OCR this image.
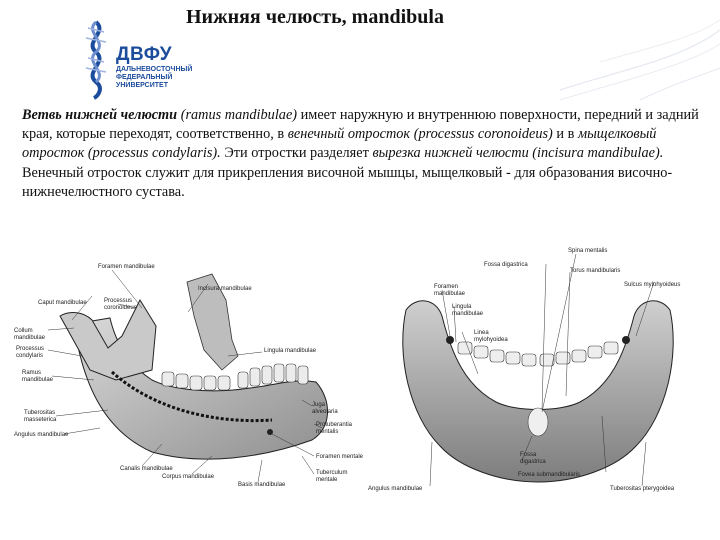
Нижняя челюсть, mandibula
ДВФУ
ДАЛЬНЕВОСТОЧНЫЙ
ФЕДЕРАЛЬНЫЙ
УНИВЕРСИТЕТ
Ветвь нижней челюсти (ramus mandibulae) имеет наружную и внутреннюю поверхности, передний и задний края, которые переходят, соответственно, в венечный отросток (processus coronoideus) и в мыщелковый отросток (processus condylaris). Эти отростки разделяет вырезка нижней челюсти (incisura mandibulae). Венечный отросток служит для прикрепления височной мышцы, мыщелковый - для образования височно-нижнечелюстного сустава.
Foramen mandibulae
Incisura mandibulae
Caput mandibulae	Processus coronoideus
Collum mandibulae
Processus condylaris
Ramus mandibulae
Tuberositas masseterica
Angulus mandibulae
Lingula mandibulae
Juga alveolaria
Protuberantia mentalis
Foramen mentale
Tuberculum mentale
Canalis mandibulae
Corpus mandibulae
Basis mandibulae
Spina mentalis
Fossa digastrica
Torus mandibularis
Sulcus mylohyoideus
Foramen mandibulae
Lingula mandibulae
Linea mylohyoidea
Fossa digastrica
Fovea submandibularis
Angulus mandibulae	Tuberositas pterygoidea
